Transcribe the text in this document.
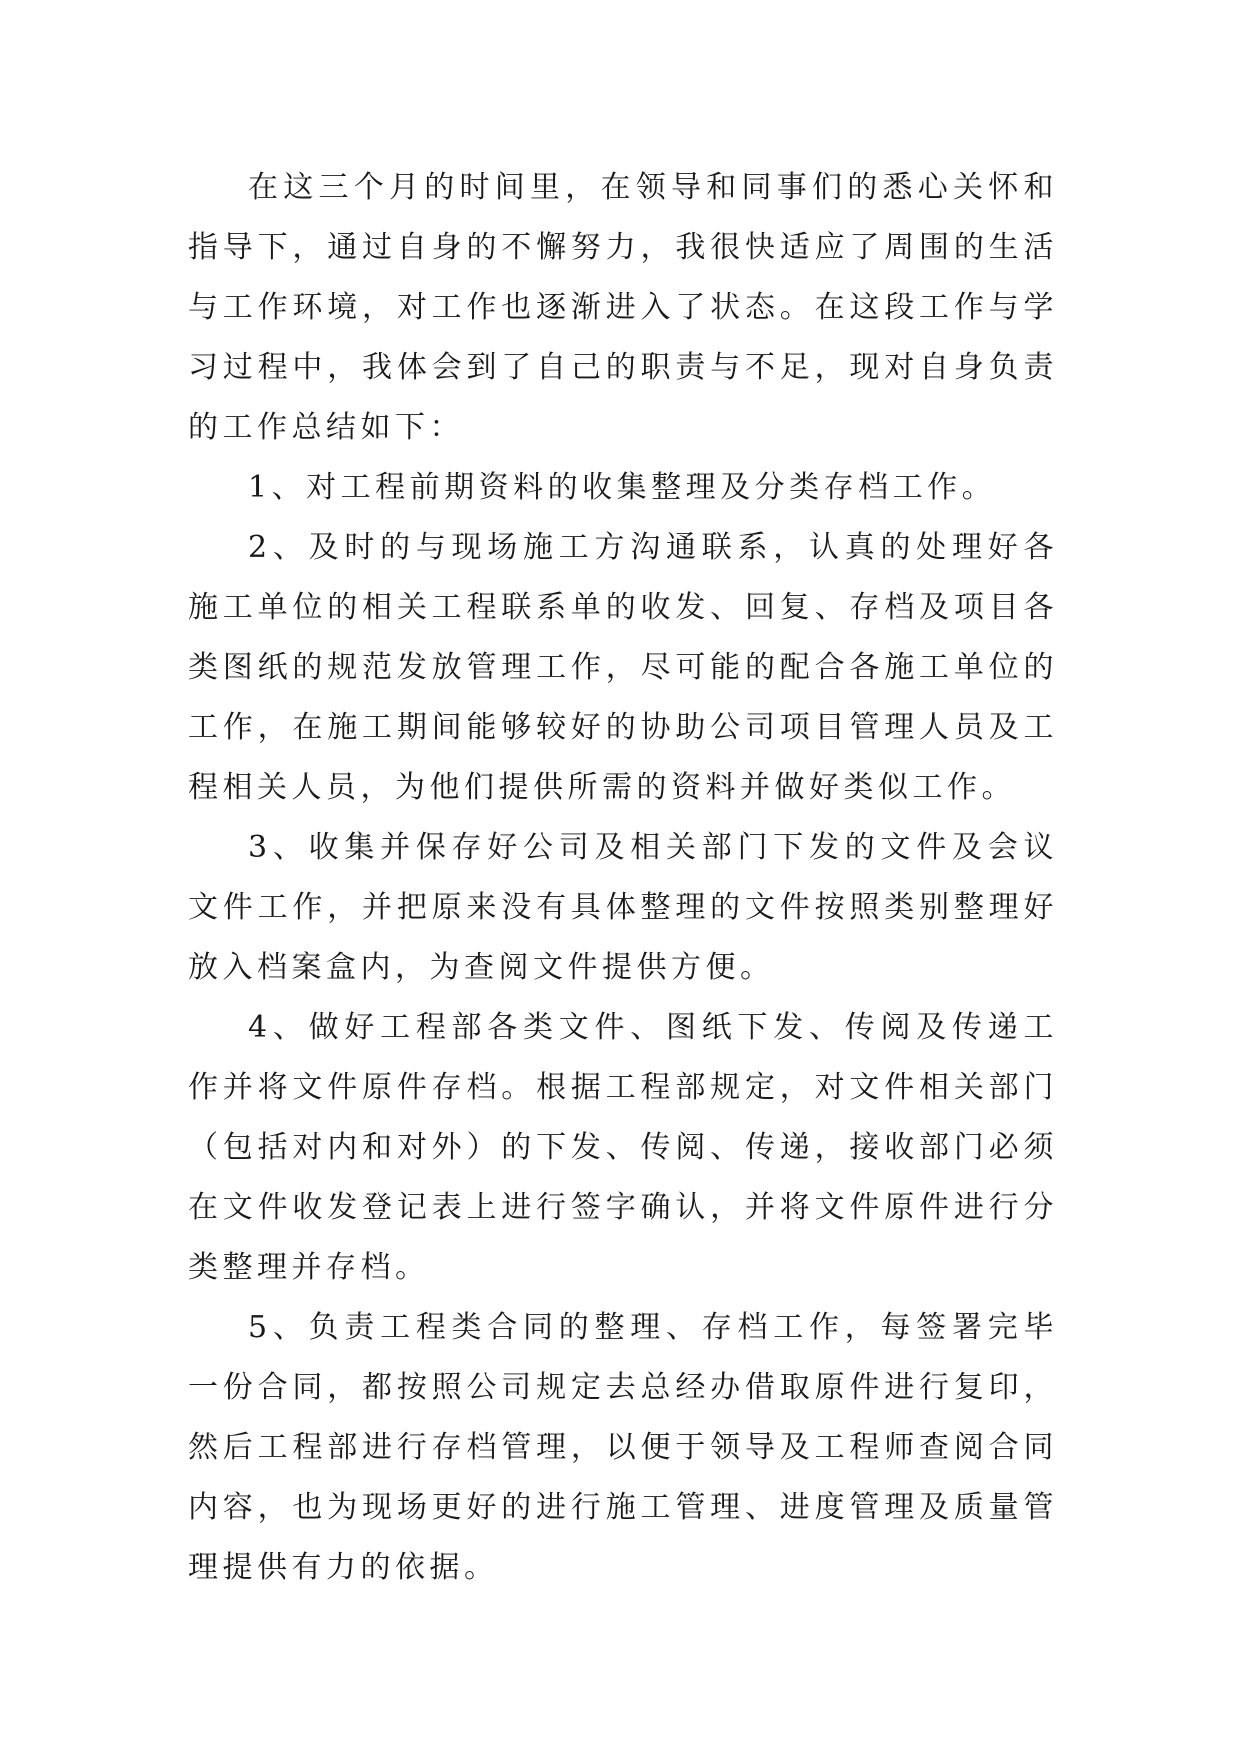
在这三个月的时间里，在领导和同事们的悉心关怀和指导下，通过自身的不懈努力，我很快适应了周围的生活与工作环境，对工作也逐渐进入了状态。在这段工作与学习过程中，我体会到了自己的职责与不足，现对自身负责的工作总结如下：

1、对工程前期资料的收集整理及分类存档工作。

2、及时的与现场施工方沟通联系，认真的处理好各施工单位的相关工程联系单的收发、回复、存档及项目各类图纸的规范发放管理工作，尽可能的配合各施工单位的工作，在施工期间能够较好的协助公司项目管理人员及工程相关人员，为他们提供所需的资料并做好类似工作。

3、收集并保存好公司及相关部门下发的文件及会议文件工作，并把原来没有具体整理的文件按照类别整理好放入档案盒内，为查阅文件提供方便。

4、做好工程部各类文件、图纸下发、传阅及传递工作并将文件原件存档。根据工程部规定，对文件相关部门（包括对内和对外）的下发、传阅、传递，接收部门必须在文件收发登记表上进行签字确认，并将文件原件进行分类整理并存档。

5、负责工程类合同的整理、存档工作，每签署完毕一份合同，都按照公司规定去总经办借取原件进行复印，然后工程部进行存档管理，以便于领导及工程师查阅合同内容，也为现场更好的进行施工管理、进度管理及质量管理提供有力的依据。
